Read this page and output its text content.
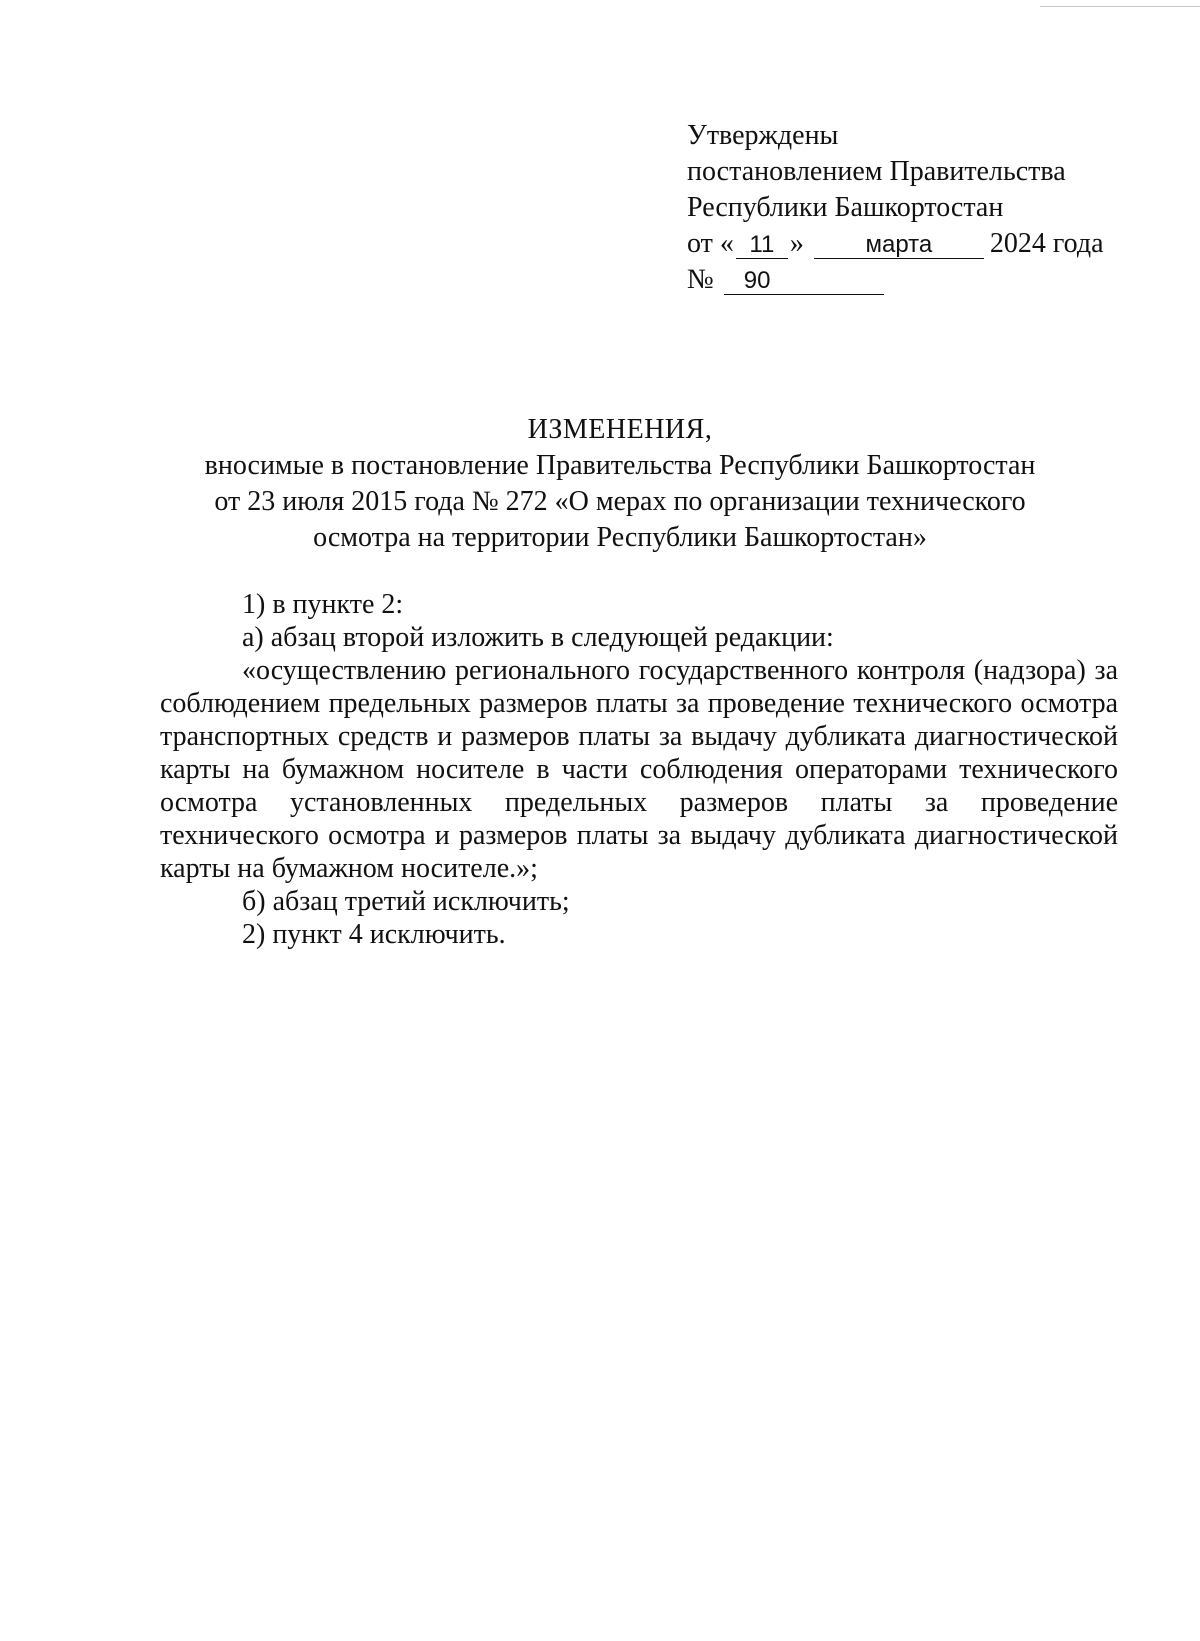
Утверждены
постановлением Правительства
Республики Башкортостан
от « 11 »	марта 2024 года
№ 90
ИЗМЕНЕНИЯ,
вносимые в постановление Правительства Республики Башкортостан
от 23 июля 2015 года № 272 «О мерах по организации технического
осмотра на территории Республики Башкортостан»

1) в пункте 2:

а) абзац второй изложить в следующей редакции:

«осуществлению регионального государственного контроля (надзора) за соблюдением предельных размеров платы за проведение технического осмотра транспортных средств и размеров платы за выдачу дубликата диагностической карты на бумажном носителе в части соблюдения операторами технического осмотра установленных предельных размеров платы за проведение технического осмотра и размеров платы за выдачу дубликата диагностической карты на бумажном носителе.»;

б) абзац третий исключить;

2) пункт 4 исключить.
